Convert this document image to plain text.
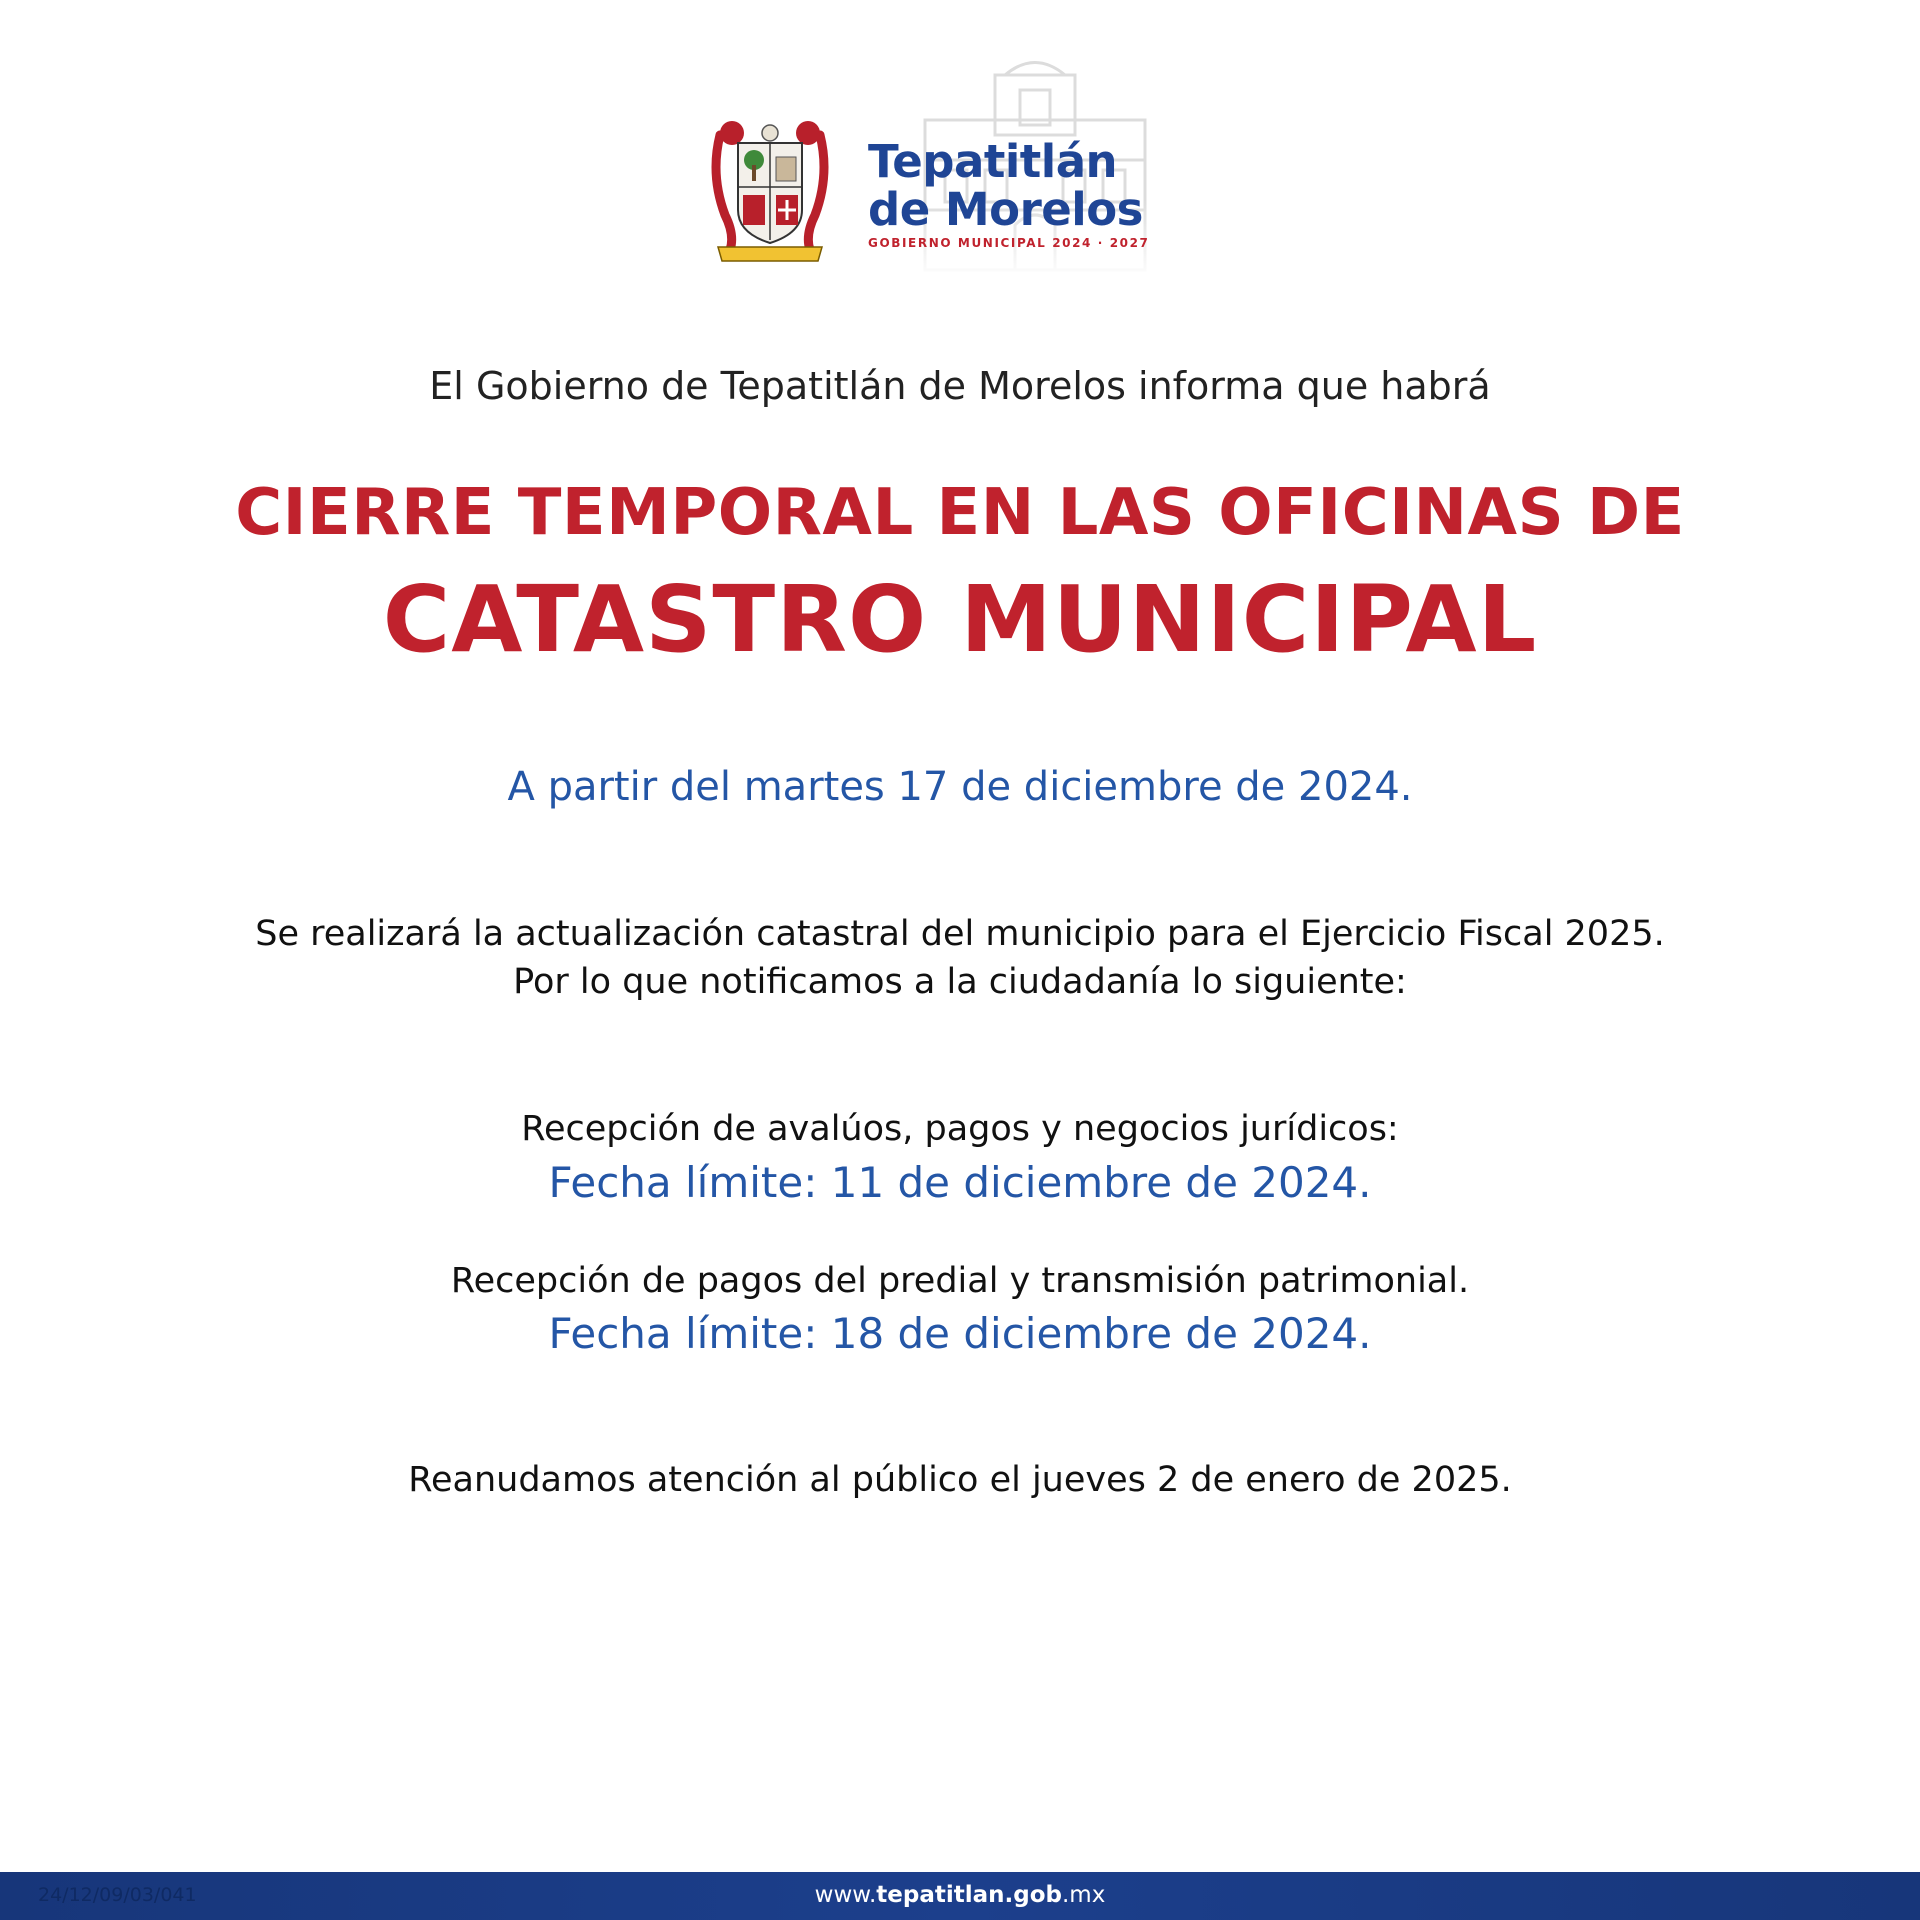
Tepatitlán
de Morelos
GOBIERNO MUNICIPAL 2024 · 2027
El Gobierno de Tepatitlán de Morelos informa que habrá
CIERRE TEMPORAL EN LAS OFICINAS DE
CATASTRO MUNICIPAL
A partir del martes 17 de diciembre de 2024.
Se realizará la actualización catastral del municipio para el Ejercicio Fiscal 2025.
Por lo que notificamos a la ciudadanía lo siguiente:
Recepción de avalúos, pagos y negocios jurídicos:
Fecha límite: 11 de diciembre de 2024.
Recepción de pagos del predial y transmisión patrimonial.
Fecha límite: 18 de diciembre de 2024.
Reanudamos atención al público el jueves 2 de enero de 2025.
24/12/09/03/041	www.tepatitlan.gob.mx
